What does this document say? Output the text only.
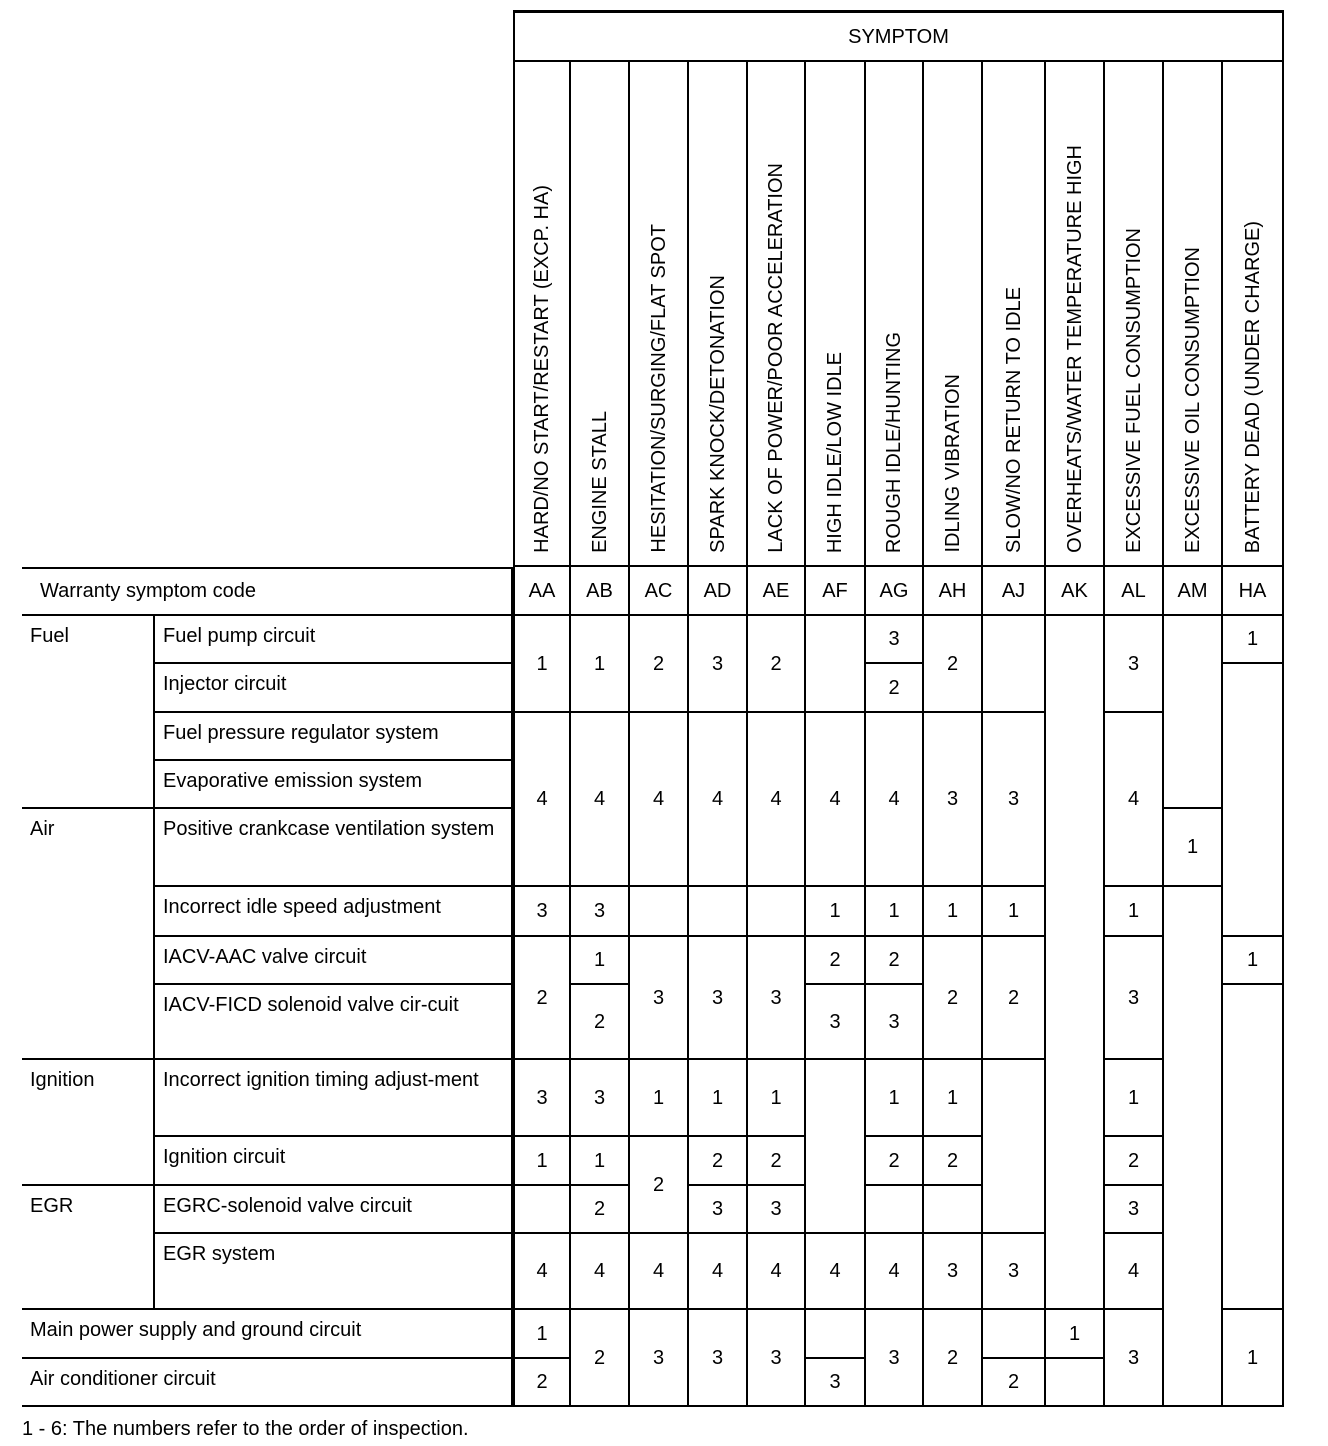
SYMPTOM
Warranty symptom code
HARD/NO START/RESTART (EXCP. HA)
AA
1
4
3
2
3
1
4
1
2
ENGINE STALL
AB
1
4
3
1
2
3
1
2
4
2
HESITATION/SURGING/FLAT SPOT
AC
2
4
3
1
2
4
3
SPARK KNOCK/DETONATION
AD
3
4
3
1
2
3
4
3
LACK OF POWER/POOR ACCELERATION
AE
2
4
3
1
2
3
4
3
HIGH IDLE/LOW IDLE
AF
4
1
2
3
4
3
ROUGH IDLE/HUNTING
AG
3
2
4
1
2
3
1
2
4
3
IDLING VIBRATION
AH
2
3
1
2
1
2
3
2
SLOW/NO RETURN TO IDLE
AJ
3
1
2
3
2
OVERHEATS/WATER TEMPERATURE HIGH
AK
1
EXCESSIVE FUEL CONSUMPTION
AL
3
4
1
3
1
2
3
4
3
EXCESSIVE OIL CONSUMPTION
AM
1
BATTERY DEAD (UNDER CHARGE)
HA
1
1
1
Fuel
Air
Ignition
EGR
Fuel pump circuit
Injector circuit
Fuel pressure regulator system
Evaporative emission system
Positive crankcase ventilation system
Incorrect idle speed adjustment
IACV-AAC valve circuit
IACV-FICD solenoid valve cir-cuit
Incorrect ignition timing adjust-ment
Ignition circuit
EGRC-solenoid valve circuit
EGR system
Main power supply and ground circuit
Air conditioner circuit
1 - 6: The numbers refer to the order of inspection.
